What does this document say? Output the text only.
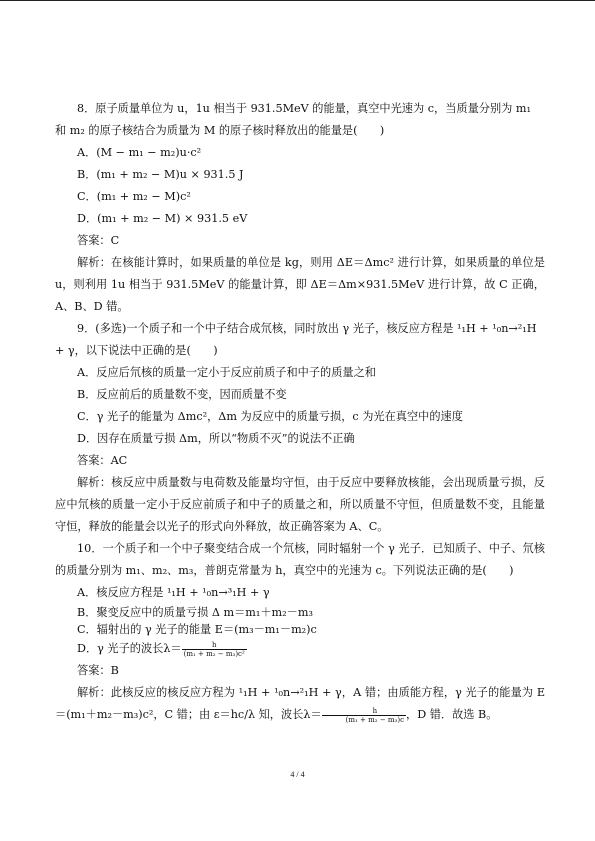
8．原子质量单位为 u，1u 相当于 931.5MeV 的能量，真空中光速为 c，当质量分别为 m₁

和 m₂ 的原子核结合为质量为 M 的原子核时释放出的能量是(　　)

A．(M − m₁ − m₂)u·c²

B．(m₁ + m₂ − M)u × 931.5 J

C．(m₁ + m₂ − M)c²

D．(m₁ + m₂ − M) × 931.5 eV

答案：C

解析：在核能计算时，如果质量的单位是 kg，则用 ΔE＝Δmc² 进行计算，如果质量的单位是 u，则利用 1u 相当于 931.5MeV 的能量计算，即 ΔE＝Δm×931.5MeV 进行计算，故 C 正确，A、B、D 错。

9．(多选)一个质子和一个中子结合成氘核，同时放出 γ 光子，核反应方程是 ¹₁H + ¹₀n→²₁H

+ γ，以下说法中正确的是(　　)

A．反应后氘核的质量一定小于反应前质子和中子的质量之和

B．反应前后的质量数不变，因而质量不变

C．γ 光子的能量为 Δmc²，Δm 为反应中的质量亏损，c 为光在真空中的速度

D．因存在质量亏损 Δm，所以“物质不灭”的说法不正确

答案：AC

解析：核反应中质量数与电荷数及能量均守恒，由于反应中要释放核能，会出现质量亏损，反应中氘核的质量一定小于反应前质子和中子的质量之和，所以质量不守恒，但质量数不变，且能量守恒，释放的能量会以光子的形式向外释放，故正确答案为 A、C。

10．一个质子和一个中子聚变结合成一个氘核，同时辐射一个 γ 光子．已知质子、中子、氘核的质量分别为 m₁、m₂、m₃，普朗克常量为 h，真空中的光速为 c。下列说法正确的是(　　)

A．核反应方程是 ¹₁H + ¹₀n→³₁H + γ

B．聚变反应中的质量亏损 Δ m＝m₁＋m₂－m₃

C．辐射出的 γ 光子的能量 E＝(m₃－m₁－m₂)c

D．γ 光子的波长$\lambda= \frac{h}{\text{(m₁ + m₂ − m₃)c²}}$

答案：B

解析：此核反应的核反应方程为 ¹₁H + ¹₀n→²₁H + γ，A 错；由质能方程，γ 光子的能量为 E＝(m₁＋m₂－m₃)c²，C 错；由 ε＝hc/λ 知，波长$\lambda= \frac{h}{\text{(m₁ + m₂ − m₃)c}}$ ，D 错．故选 B。

4 / 4
